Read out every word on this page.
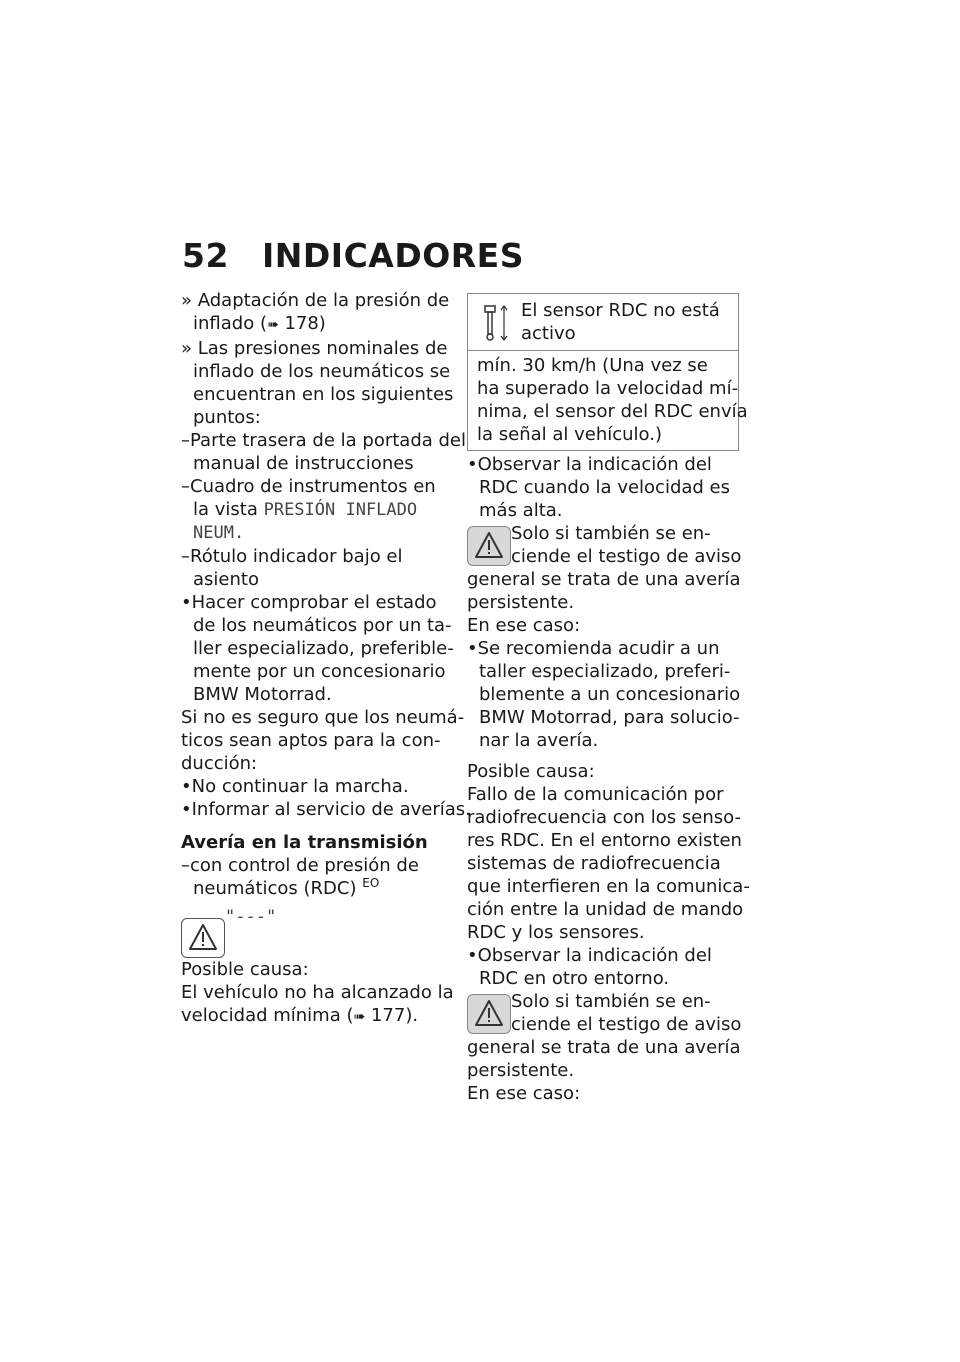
52 INDICADORES
» Adaptación de la presión de
inflado (➠ 178)
» Las presiones nominales de
inflado de los neumáticos se
encuentran en los siguientes
puntos:
–Parte trasera de la portada del
manual de instrucciones
–Cuadro de instrumentos en
la vista PRESIÓN INFLADO
NEUM.
–Rótulo indicador bajo el
asiento
•Hacer comprobar el estado
de los neumáticos por un ta-
ller especializado, preferible-
mente por un concesionario
BMW Motorrad.
Si no es seguro que los neumá-
ticos sean aptos para la con-
ducción:
•No continuar la marcha.
•Informar al servicio de averías.
Avería en la transmisión
–con control de presión de
neumáticos (RDC) $^{EO}$
"---"
Posible causa:
El vehículo no ha alcanzado la
velocidad mínima (➠ 177).
El sensor RDC no está
activo
mín. 30 km/h (Una vez se
ha superado la velocidad mí-
nima, el sensor del RDC envía
la señal al vehículo.)
•Observar la indicación del
RDC cuando la velocidad es
más alta.
Solo si también se en-
ciende el testigo de aviso
general se trata de una avería
persistente.
En ese caso:
•Se recomienda acudir a un
taller especializado, preferi-
blemente a un concesionario
BMW Motorrad, para solucio-
nar la avería.
Posible causa:
Fallo de la comunicación por
radiofrecuencia con los senso-
res RDC. En el entorno existen
sistemas de radiofrecuencia
que interfieren en la comunica-
ción entre la unidad de mando
RDC y los sensores.
•Observar la indicación del
RDC en otro entorno.
Solo si también se en-
ciende el testigo de aviso
general se trata de una avería
persistente.
En ese caso:
